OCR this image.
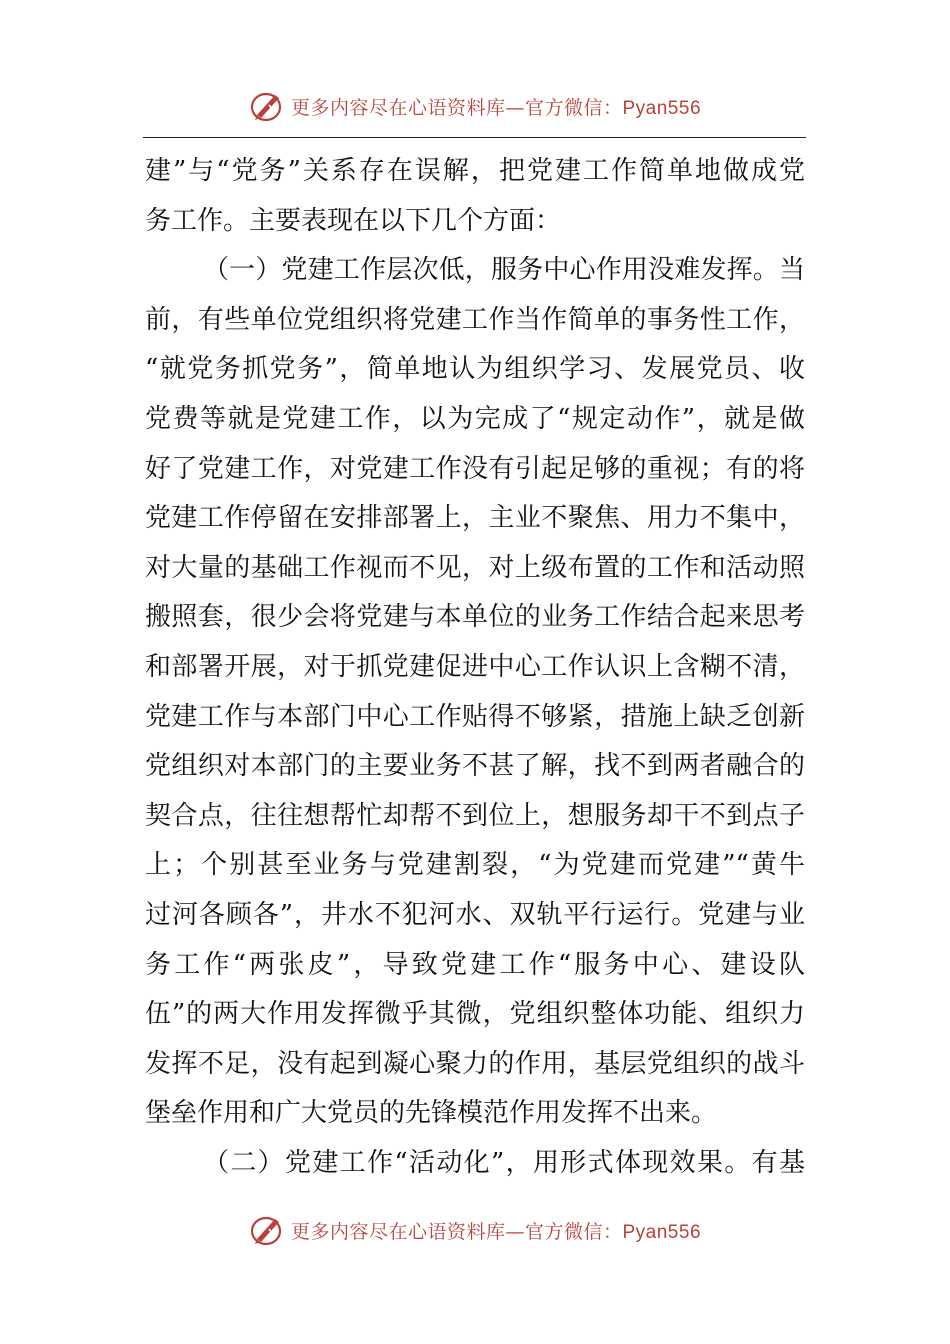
更多内容尽在心语资料库—官方微信：Pyan556
建”与“党务”关系存在误解，把党建工作简单地做成党
务工作。主要表现在以下几个方面：
（一）党建工作层次低，服务中心作用没难发挥。当
前，有些单位党组织将党建工作当作简单的事务性工作，
“就党务抓党务”，简单地认为组织学习、发展党员、收
党费等就是党建工作，以为完成了“规定动作”，就是做
好了党建工作，对党建工作没有引起足够的重视；有的将
党建工作停留在安排部署上，主业不聚焦、用力不集中，
对大量的基础工作视而不见，对上级布置的工作和活动照
搬照套，很少会将党建与本单位的业务工作结合起来思考
和部署开展，对于抓党建促进中心工作认识上含糊不清，
党建工作与本部门中心工作贴得不够紧，措施上缺乏创新
党组织对本部门的主要业务不甚了解，找不到两者融合的
契合点，往往想帮忙却帮不到位上，想服务却干不到点子
上；个别甚至业务与党建割裂，“为党建而党建”“黄牛
过河各顾各”，井水不犯河水、双轨平行运行。党建与业
务工作“两张皮”，导致党建工作“服务中心、建设队
伍”的两大作用发挥微乎其微，党组织整体功能、组织力
发挥不足，没有起到凝心聚力的作用，基层党组织的战斗
堡垒作用和广大党员的先锋模范作用发挥不出来。
（二）党建工作“活动化”，用形式体现效果。有基
更多内容尽在心语资料库—官方微信：Pyan556
